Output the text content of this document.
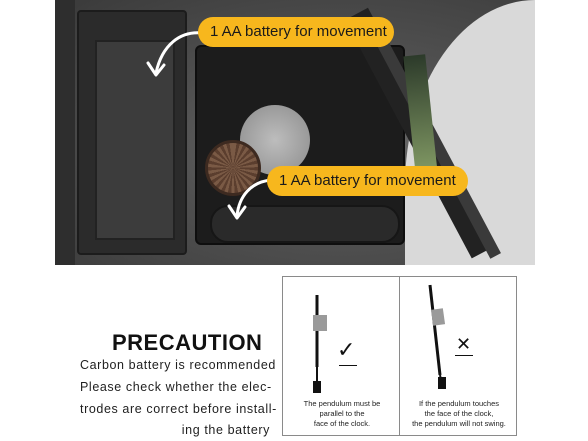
1 AA battery for movement
1 AA battery for movement
PRECAUTION
Carbon battery is recommended
Please check whether the elec-
trodes are correct before install-
ing the battery
✓
The pendulum must be
parallel to the
face of the clock.
✕
If the pendulum touches
the face of the clock,
the pendulum will not swing.
